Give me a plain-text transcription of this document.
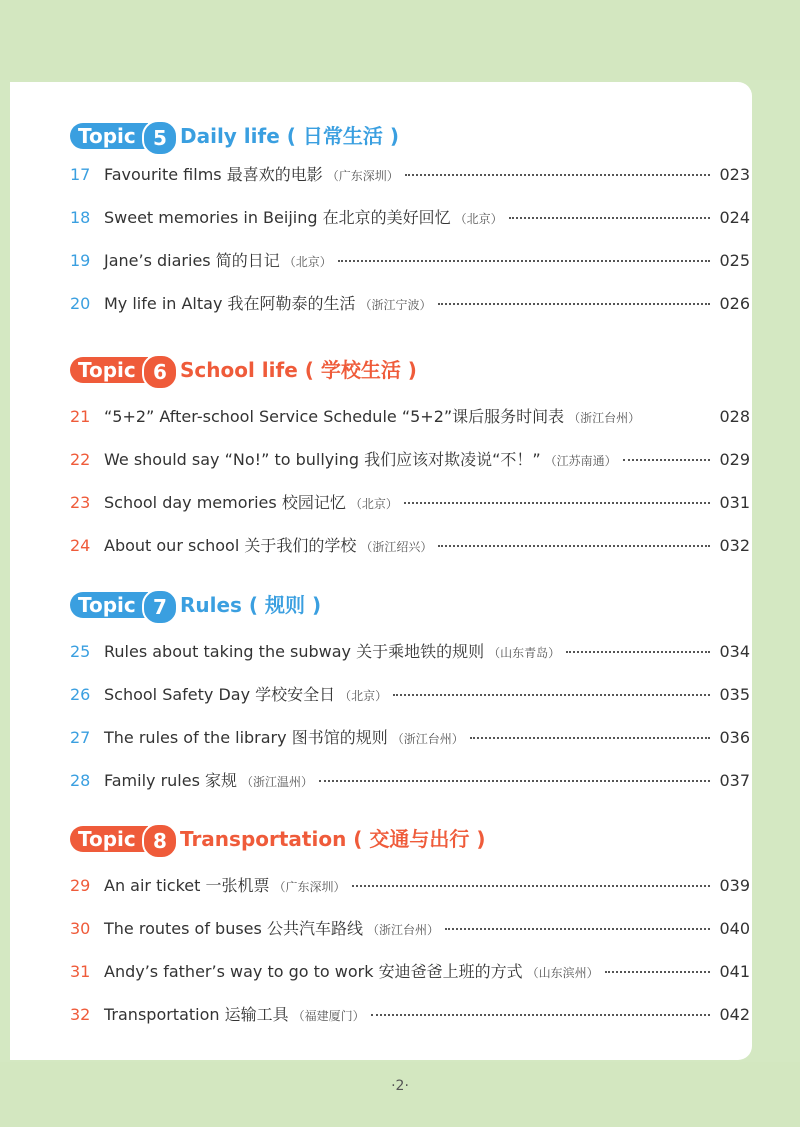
Topic 5 Daily life ( 日常生活 )
17 Favourite films 最喜欢的电影 （广东深圳）	023
18 Sweet memories in Beijing 在北京的美好回忆 （北京）	024
19 Jane’s diaries 简的日记 （北京）	025
20 My life in Altay 我在阿勒泰的生活 （浙江宁波）	026
Topic 6 School life ( 学校生活 )
21 “5+2” After-school Service Schedule “5+2”课后服务时间表 （浙江台州）	028
22 We should say “No!” to bullying 我们应该对欺凌说“不！” （江苏南通）	029
23 School day memories 校园记忆 （北京）	031
24 About our school 关于我们的学校 （浙江绍兴）	032
Topic 7 Rules ( 规则 )
25 Rules about taking the subway 关于乘地铁的规则 （山东青岛）	034
26 School Safety Day 学校安全日 （北京）	035
27 The rules of the library 图书馆的规则 （浙江台州）	036
28 Family rules 家规 （浙江温州）	037
Topic 8 Transportation ( 交通与出行 )
29 An air ticket 一张机票 （广东深圳）	039
30 The routes of buses 公共汽车路线 （浙江台州）	040
31 Andy’s father’s way to go to work 安迪爸爸上班的方式 （山东滨州）	041
32 Transportation 运输工具 （福建厦门）	042
·2·
